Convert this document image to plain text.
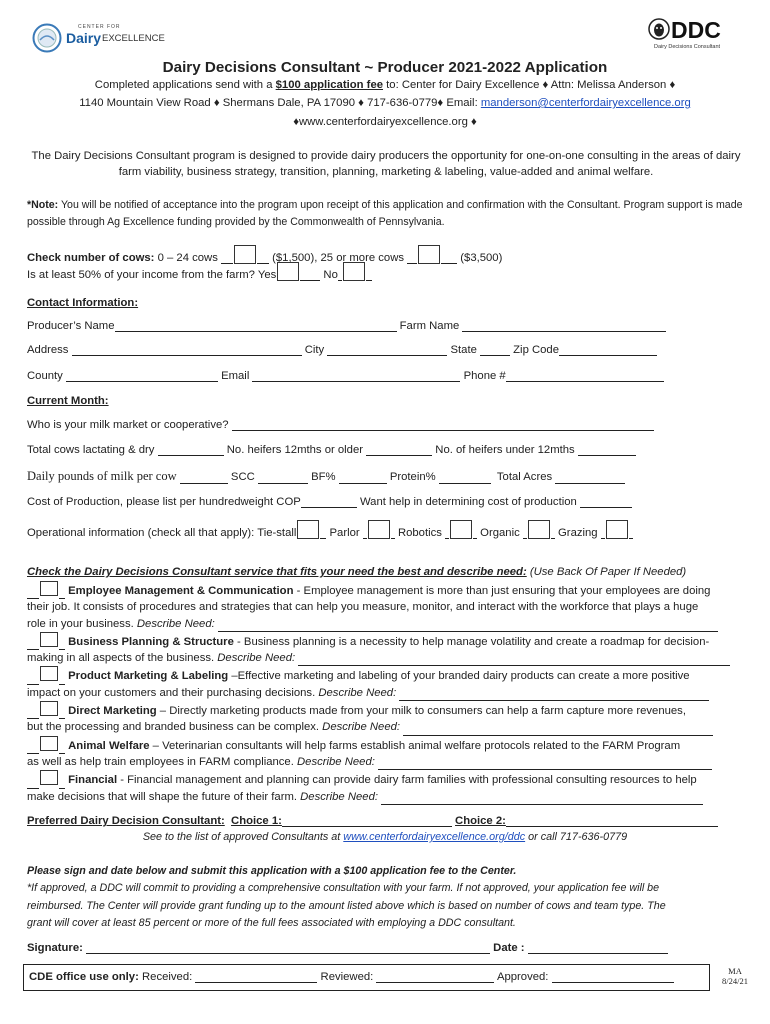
CENTER FOR
Dairy EXCELLENCE	DDC
Dairy Decisions Consultant
Dairy Decisions Consultant ~ Producer 2021-2022 Application
Completed applications send with a $100 application fee to: Center for Dairy Excellence ♦ Attn: Melissa Anderson ♦
1140 Mountain View Road ♦ Shermans Dale, PA 17090 ♦ 717-636-0779♦ Email: manderson@centerfordairyexcellence.org
♦www.centerfordairyexcellence.org ♦
The Dairy Decisions Consultant program is designed to provide dairy producers the opportunity for one-on-one consulting in the areas of dairy farm viability, business strategy, transition, planning, marketing & labeling, value-added and animal welfare.
*Note: You will be notified of acceptance into the program upon receipt of this application and confirmation with the Consultant. Program support is made possible through Ag Excellence funding provided by the Commonwealth of Pennsylvania.
Check number of cows: 0 – 24 cows	($1,500), 25 or more cows	($3,500)
Is at least 50% of your income from the farm? Yes	No
Contact Information:
Producer’s Name	Farm Name
Address	City	State	Zip Code
County	Email	Phone #
Current Month:
Who is your milk market or cooperative?
Total cows lactating & dry	No. heifers 12mths or older	No. of heifers under 12mths
Daily pounds of milk per cow	SCC	BF%	Protein%	Total Acres
Cost of Production, please list per hundredweight COP	Want help in determining cost of production
Operational information (check all that apply): Tie-stall	Parlor	Robotics	Organic	Grazing
Check the Dairy Decisions Consultant service that fits your need the best and describe need: (Use Back Of Paper If Needed)
Employee Management & Communication - Employee management is more than just ensuring that your employees are doing
their job. It consists of procedures and strategies that can help you measure, monitor, and interact with the workforce that plays a huge
role in your business. Describe Need:
Business Planning & Structure - Business planning is a necessity to help manage volatility and create a roadmap for decision-
making in all aspects of the business. Describe Need:
Product Marketing & Labeling –Effective marketing and labeling of your branded dairy products can create a more positive
impact on your customers and their purchasing decisions. Describe Need:
Direct Marketing – Directly marketing products made from your milk to consumers can help a farm capture more revenues,
but the processing and branded business can be complex. Describe Need:
Animal Welfare – Veterinarian consultants will help farms establish animal welfare protocols related to the FARM Program
as well as help train employees in FARM compliance. Describe Need:
Financial - Financial management and planning can provide dairy farm families with professional consulting resources to help
make decisions that will shape the future of their farm. Describe Need:
Preferred Dairy Decision Consultant: Choice 1:	Choice 2:
See to the list of approved Consultants at www.centerfordairyexcellence.org/ddc or call 717-636-0779
Please sign and date below and submit this application with a $100 application fee to the Center.
*If approved, a DDC will commit to providing a comprehensive consultation with your farm. If not approved, your application fee will be
reimbursed. The Center will provide grant funding up to the amount listed above which is based on number of cows and team type. The
grant will cover at least 85 percent or more of the full fees associated with employing a DDC consultant.
Signature:	Date :
CDE office use only: Received:	Reviewed:	Approved:	MA
8/24/21
